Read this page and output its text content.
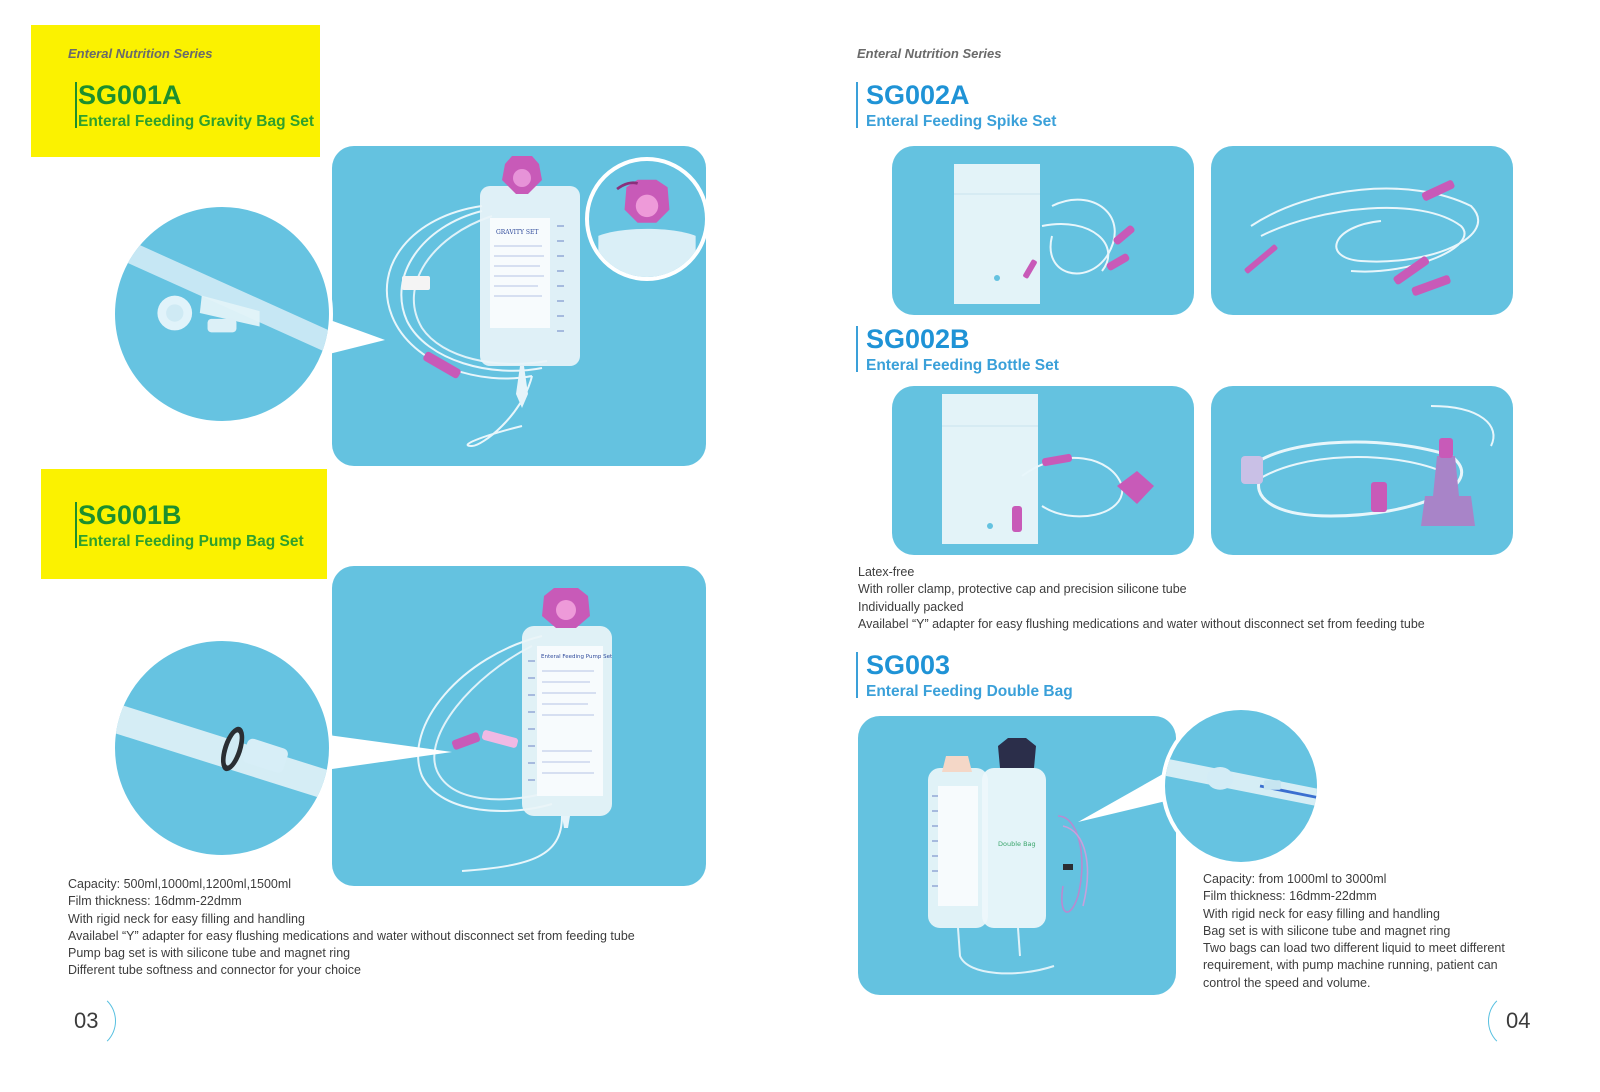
Enteral Nutrition Series
SG001A
Enteral Feeding Gravity Bag Set
GRAVITY SET
SG001B
Enteral Feeding Pump Bag Set
Enteral Feeding Pump Set
Capacity: 500ml,1000ml,1200ml,1500ml
Film thickness: 16dmm-22dmm
With rigid neck for easy filling and handling
Availabel “Y” adapter for easy flushing medications and water without disconnect set from feeding tube
Pump bag set is with silicone tube and magnet ring
Different tube softness and connector for your choice
03
Enteral Nutrition Series
SG002A
Enteral Feeding Spike Set
SG002B
Enteral Feeding Bottle Set
Latex-free
With roller clamp, protective cap and precision silicone tube
Individually packed
Availabel “Y” adapter for easy flushing medications and water without disconnect set from feeding tube
SG003
Enteral Feeding Double Bag
Double Bag
Capacity: from 1000ml to 3000ml
Film thickness: 16dmm-22dmm
With rigid neck for easy filling and handling
Bag set is with silicone tube and magnet ring
Two bags can load two different liquid to meet different
requirement, with pump machine running, patient can
control the speed and volume.
04
